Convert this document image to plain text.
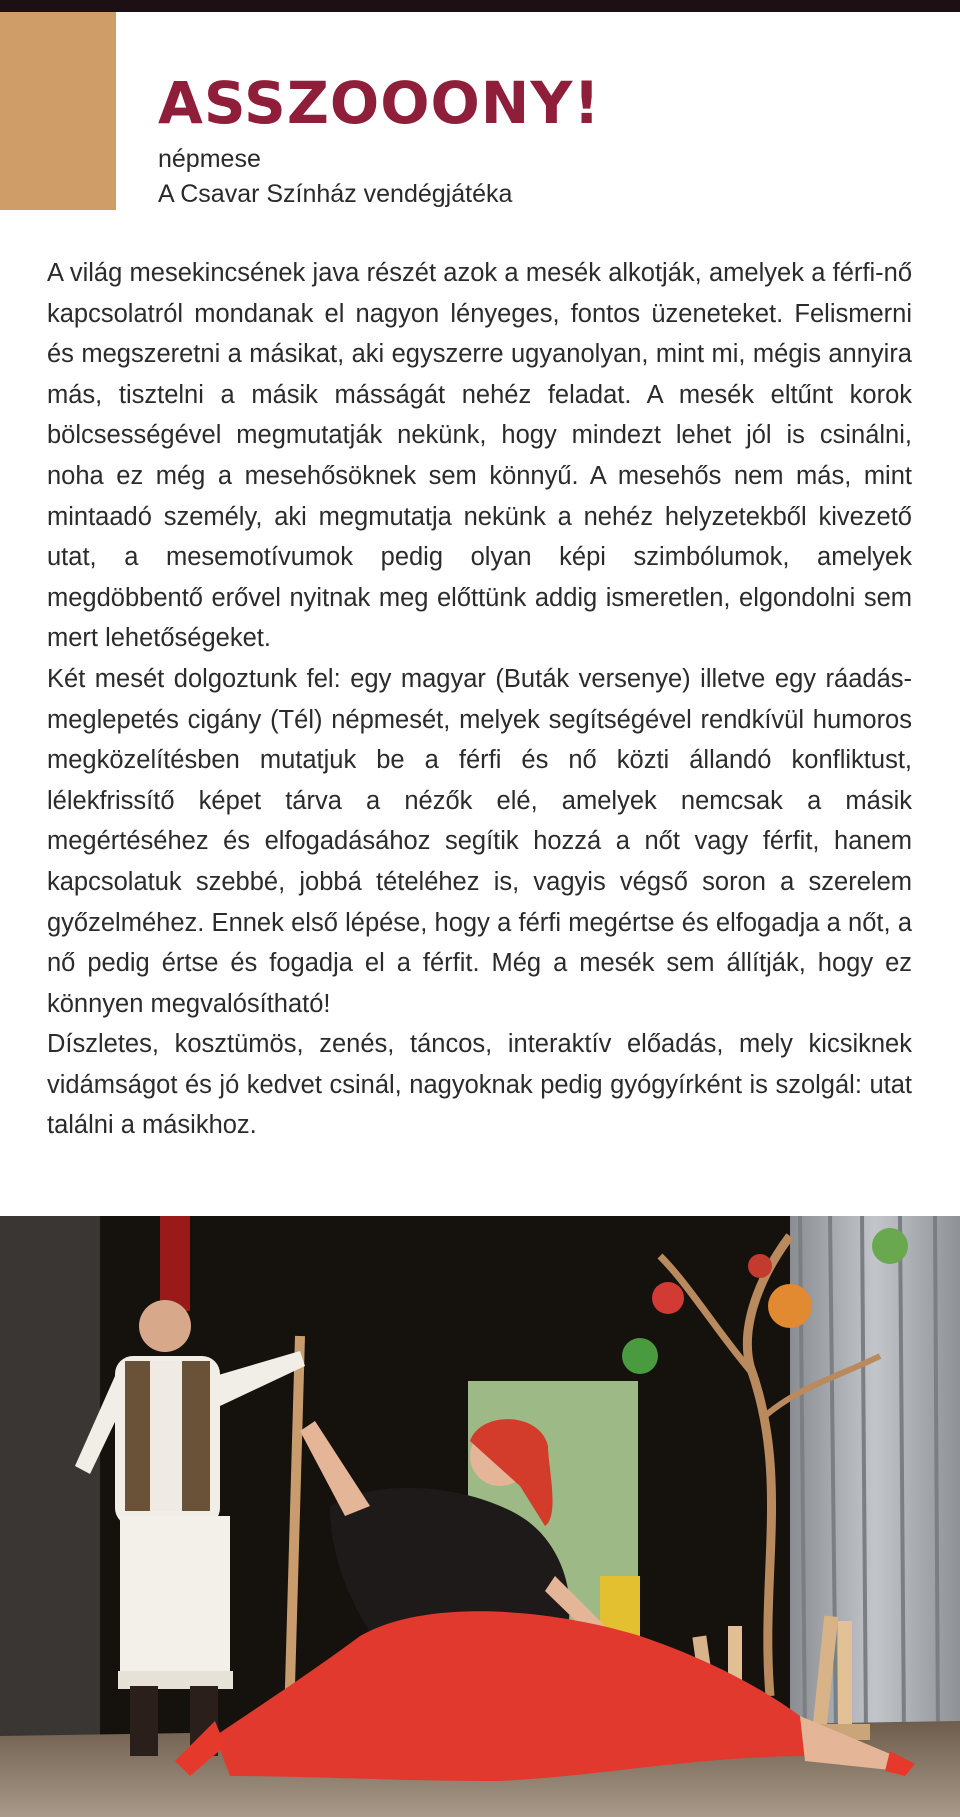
ASSZOOONY!
népmese
A Csavar Színház vendégjátéka

A világ mesekincsének java részét azok a mesék alkotják, amelyek a férfi-nő kapcsolatról mondanak el nagyon lényeges, fontos üzeneteket. Felismerni és megszeretni a másikat, aki egyszerre ugyanolyan, mint mi, mégis annyira más, tisztelni a másik másságát nehéz feladat. A mesék eltűnt korok bölcsességével megmutatják nekünk, hogy mindezt lehet jól is csinálni, noha ez még a mesehősöknek sem könnyű. A mesehős nem más, mint mintaadó személy, aki megmutatja nekünk a nehéz helyzetekből kivezető utat, a mesemotívumok pedig olyan képi szimbólumok, amelyek megdöbbentő erővel nyitnak meg előttünk addig ismeretlen, elgondolni sem mert lehetőségeket.

Két mesét dolgoztunk fel: egy magyar (Buták versenye) illetve egy ráadás-meglepetés cigány (Tél) népmesét, melyek segítségével rendkívül humoros megközelítésben mutatjuk be a férfi és nő közti állandó konfliktust, lélekfrissítő képet tárva a nézők elé, amelyek nemcsak a másik megértéséhez és elfogadásához segítik hozzá a nőt vagy férfit, hanem kapcsolatuk szebbé, jobbá tételéhez is, vagyis végső soron a szerelem győzelméhez. Ennek első lépése, hogy a férfi megértse és elfogadja a nőt, a nő pedig értse és fogadja el a férfit. Még a mesék sem állítják, hogy ez könnyen megvalósítható!

Díszletes, kosztümös, zenés, táncos, interaktív előadás, mely kicsiknek vidámságot és jó kedvet csinál, nagyoknak pedig gyógyírként is szolgál: utat találni a másikhoz.
